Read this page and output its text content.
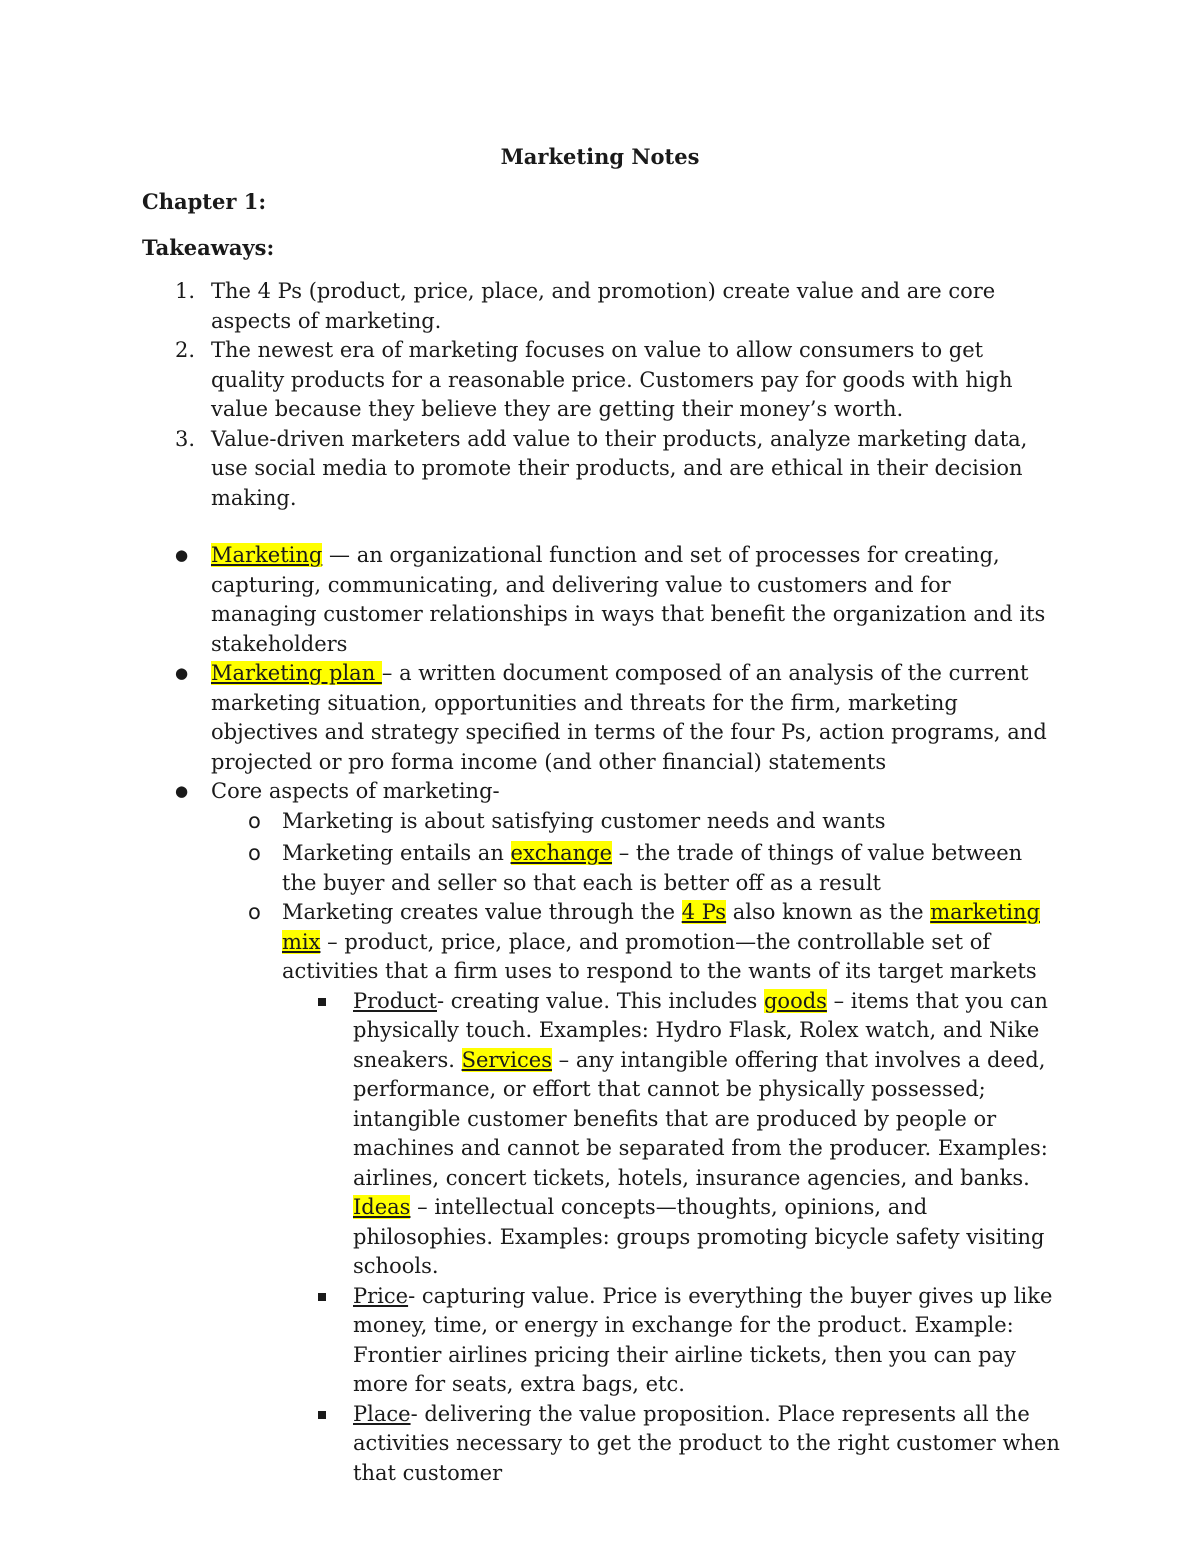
Marketing Notes
Chapter 1:
Takeaways:
1. The 4 Ps (product, price, place, and promotion) create value and are core aspects of marketing.
2. The newest era of marketing focuses on value to allow consumers to get quality products for a reasonable price. Customers pay for goods with high value because they believe they are getting their money’s worth.
3. Value-driven marketers add value to their products, analyze marketing data, use social media to promote their products, and are ethical in their decision making.
● Marketing — an organizational function and set of processes for creating, capturing, communicating, and delivering value to customers and for managing customer relationships in ways that benefit the organization and its stakeholders
● Marketing plan – a written document composed of an analysis of the current marketing situation, opportunities and threats for the firm, marketing objectives and strategy specified in terms of the four Ps, action programs, and projected or pro forma income (and other financial) statements
● Core aspects of marketing-
o Marketing is about satisfying customer needs and wants
o Marketing entails an exchange – the trade of things of value between the buyer and seller so that each is better off as a result
o Marketing creates value through the 4 Ps also known as the marketing mix – product, price, place, and promotion—the controllable set of activities that a firm uses to respond to the wants of its target markets
Product- creating value. This includes goods – items that you can physically touch. Examples: Hydro Flask, Rolex watch, and Nike sneakers. Services – any intangible offering that involves a deed, performance, or effort that cannot be physically possessed; intangible customer benefits that are produced by people or machines and cannot be separated from the producer. Examples: airlines, concert tickets, hotels, insurance agencies, and banks. Ideas – intellectual concepts—thoughts, opinions, and philosophies. Examples: groups promoting bicycle safety visiting schools.
Price- capturing value. Price is everything the buyer gives up like money, time, or energy in exchange for the product. Example: Frontier airlines pricing their airline tickets, then you can pay more for seats, extra bags, etc.
Place- delivering the value proposition. Place represents all the activities necessary to get the product to the right customer when that customer
